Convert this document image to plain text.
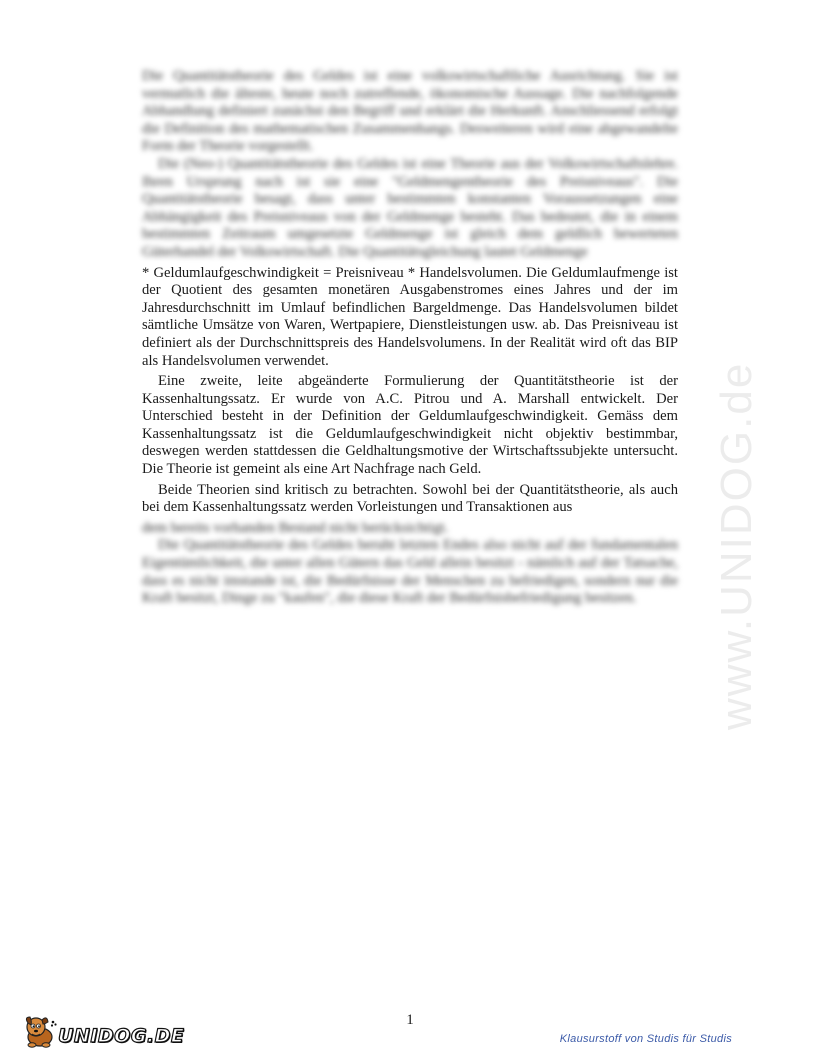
Die Quantitätstheorie des Geldes ist eine volkswirtschaftliche Ausrichtung. Sie ist vermutlich die älteste, heute noch zutreffende, ökonomische Aussage. Die nachfolgende Abhandlung definiert zunächst den Begriff und erklärt die Herkunft. Anschliessend erfolgt die Definition des mathematischen Zusammenhangs. Desweiteren wird eine abgewandelte Form der Theorie vorgestellt.

Die (Neo-) Quantitätstheorie des Geldes ist eine Theorie aus der Volkswirtschaftslehre. Ihren Ursprung nach ist sie eine "Geldmengentheorie des Preisniveaus". Die Quantitätstheorie besagt, dass unter bestimmten konstanten Voraussetzungen eine Abhängigkeit des Preisniveaus von der Geldmenge besteht. Das bedeutet, die in einem bestimmten Zeitraum umgesetzte Geldmenge ist gleich dem geldlich bewerteten Güterhandel der Volkswirtschaft. Die Quantitätsgleichung lautet Geldmenge

* Geldumlaufgeschwindigkeit = Preisniveau * Handelsvolumen. Die Geldumlaufmenge ist der Quotient des gesamten monetären Ausgabenstromes eines Jahres und der im Jahresdurchschnitt im Umlauf befindlichen Bargeldmenge. Das Handelsvolumen bildet sämtliche Umsätze von Waren, Wertpapiere, Dienstleistungen usw. ab. Das Preisniveau ist definiert als der Durchschnittspreis des Handelsvolumens. In der Realität wird oft das BIP als Handelsvolumen verwendet.

Eine zweite, leite abgeänderte Formulierung der Quantitätstheorie ist der Kassenhaltungssatz. Er wurde von A.C. Pitrou und A. Marshall entwickelt. Der Unterschied besteht in der Definition der Geldumlaufgeschwindigkeit. Gemäss dem Kassenhaltungssatz ist die Geldumlaufgeschwindigkeit nicht objektiv bestimmbar, deswegen werden stattdessen die Geldhaltungsmotive der Wirtschaftssubjekte untersucht. Die Theorie ist gemeint als eine Art Nachfrage nach Geld.

Beide Theorien sind kritisch zu betrachten. Sowohl bei der Quantitätstheorie, als auch bei dem Kassenhaltungssatz werden Vorleistungen und Transaktionen aus

dem bereits vorhanden Bestand nicht berücksichtigt.

Die Quantitätstheorie des Geldes beruht letzten Endes also nicht auf der fundamentalen Eigentümlichkeit, die unter allen Gütern das Geld allein besitzt - nämlich auf der Tatsache, dass es nicht imstande ist, die Bedürfnisse der Menschen zu befriedigen, sondern nur die Kraft besitzt, Dinge zu "kaufen", die diese Kraft der Bedürfnisbefriedigung besitzen.	www.UNIDOG.de
1
UNIDOG.DE	Klausurstoff von Studis für Studis
